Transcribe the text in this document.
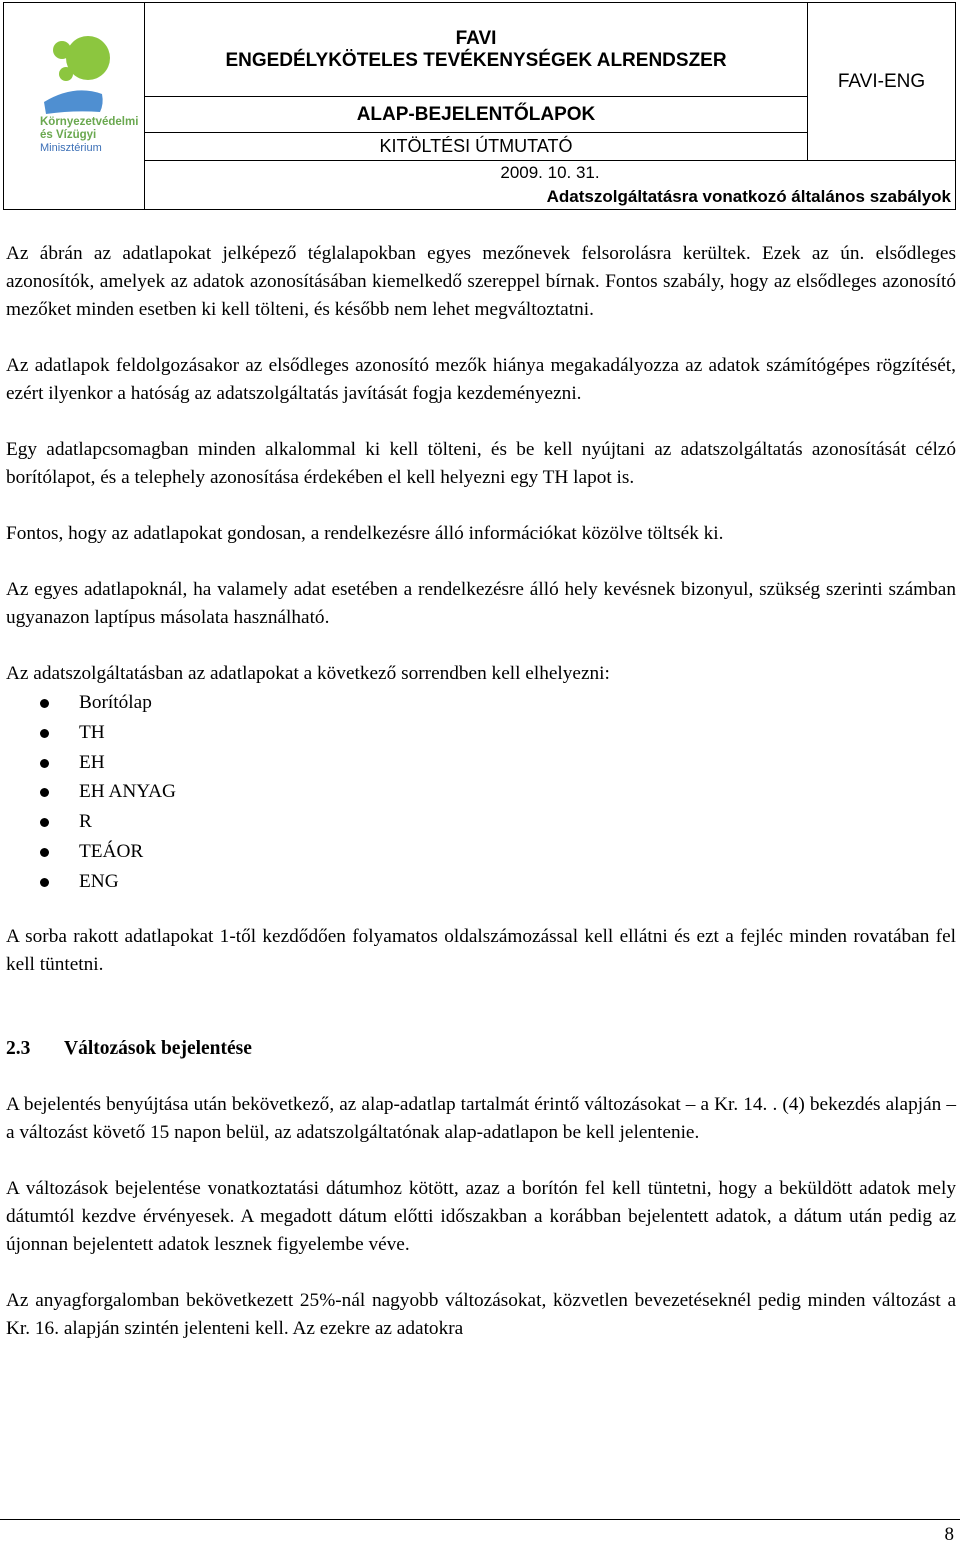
Környezetvédelmi
és Vízügyi
Minisztérium

FAVI
ENGEDÉLYKÖTELES TEVÉKENYSÉGEK ALRENDSZER
	FAVI-ENG
ALAP-BEJELENTŐLAPOK
KITÖLTÉSI ÚTMUTATÓ

2009. 10. 31.
Adatszolgáltatásra vonatkozó általános szabályok

Az ábrán az adatlapokat jelképező téglalapokban egyes mezőnevek felsorolásra kerültek. Ezek az ún. elsődleges azonosítók, amelyek az adatok azonosításában kiemelkedő szereppel bírnak. Fontos szabály, hogy az elsődleges azonosító mezőket minden esetben ki kell tölteni, és később nem lehet megváltoztatni.

Az adatlapok feldolgozásakor az elsődleges azonosító mezők hiánya megakadályozza az adatok számítógépes rögzítését, ezért ilyenkor a hatóság az adatszolgáltatás javítását fogja kezdeményezni.

Egy adatlapcsomagban minden alkalommal ki kell tölteni, és be kell nyújtani az adatszolgáltatás azonosítását célzó borítólapot, és a telephely azonosítása érdekében el kell helyezni egy TH lapot is.

Fontos, hogy az adatlapokat gondosan, a rendelkezésre álló információkat közölve töltsék ki.

Az egyes adatlapoknál, ha valamely adat esetében a rendelkezésre álló hely kevésnek bizonyul, szükség szerinti számban ugyanazon laptípus másolata használható.

Az adatszolgáltatásban az adatlapokat a következő sorrendben kell elhelyezni:

Borítólap
TH
EH
EH ANYAG
R
TEÁOR
ENG

A sorba rakott adatlapokat 1-től kezdődően folyamatos oldalszámozással kell ellátni és ezt a fejléc minden rovatában fel kell tüntetni.

2.3 Változások bejelentése

A bejelentés benyújtása után bekövetkező, az alap-adatlap tartalmát érintő változásokat – a Kr. 14. . (4) bekezdés alapján – a változást követő 15 napon belül, az adatszolgáltatónak alap-adatlapon be kell jelentenie.

A változások bejelentése vonatkoztatási dátumhoz kötött, azaz a borítón fel kell tüntetni, hogy a beküldött adatok mely dátumtól kezdve érvényesek. A megadott dátum előtti időszakban a korábban bejelentett adatok, a dátum után pedig az újonnan bejelentett adatok lesznek figyelembe véve.

Az anyagforgalomban bekövetkezett 25%-nál nagyobb változásokat, közvetlen bevezetéseknél pedig minden változást a Kr. 16. alapján szintén jelenteni kell. Az ezekre az adatokra

8
